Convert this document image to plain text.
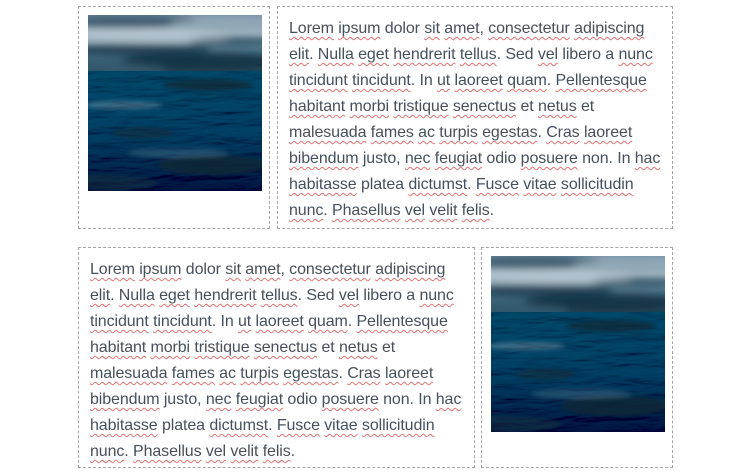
Lorem ipsum dolor sit amet, consectetur adipiscing
elit. Nulla eget hendrerit tellus. Sed vel libero a nunc
tincidunt tincidunt. In ut laoreet quam. Pellentesque
habitant morbi tristique senectus et netus et
malesuada fames ac turpis egestas. Cras laoreet
bibendum justo, nec feugiat odio posuere non. In hac
habitasse platea dictumst. Fusce vitae sollicitudin
nunc. Phasellus vel velit felis.
Lorem ipsum dolor sit amet, consectetur adipiscing
elit. Nulla eget hendrerit tellus. Sed vel libero a nunc
tincidunt tincidunt. In ut laoreet quam. Pellentesque
habitant morbi tristique senectus et netus et
malesuada fames ac turpis egestas. Cras laoreet
bibendum justo, nec feugiat odio posuere non. In hac
habitasse platea dictumst. Fusce vitae sollicitudin
nunc. Phasellus vel velit felis.
